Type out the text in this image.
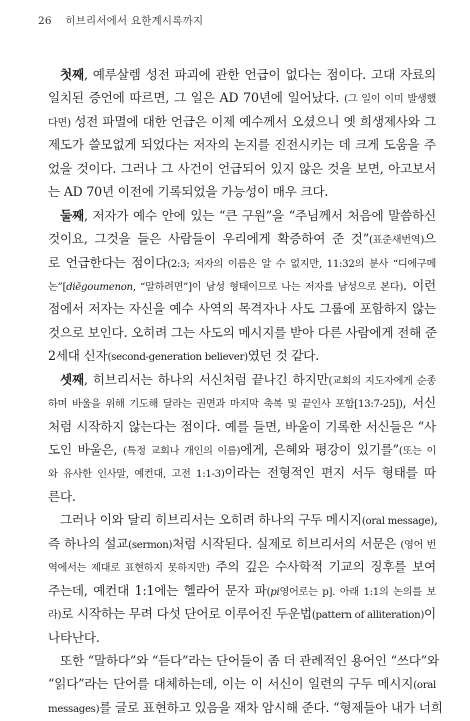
26 히브리서에서 요한계시록까지
첫째, 예루살렘 성전 파괴에 관한 언급이 없다는 점이다. 고대 자료의
일치된 증언에 따르면, 그 일은 AD 70년에 일어났다. (그 일이 이미 발생했
다면) 성전 파멸에 대한 언급은 이제 예수께서 오셨으니 옛 희생제사와 그
제도가 쓸모없게 되었다는 저자의 논지를 진전시키는 데 크게 도움을 주
었을 것이다. 그러나 그 사건이 언급되어 있지 않은 것을 보면, 아고보서
는 AD 70년 이전에 기록되었을 가능성이 매우 크다.
둘째, 저자가 예수 안에 있는 “큰 구원”을 “주님께서 처음에 말씀하신
것이요, 그것을 들은 사람들이 우리에게 확증하여 준 것”(표준새번역)으
로 언급한다는 점이다(2:3; 저자의 이름은 알 수 없지만, 11:32의 분사 “디에구메
논”[diēgoumenon, “말하려면”]이 남성 형태이므로 나는 저자를 남성으로 본다). 이런
점에서 저자는 자신을 예수 사역의 목격자나 사도 그룹에 포함하지 않는
것으로 보인다. 오히려 그는 사도의 메시지를 받아 다른 사람에게 전해 준
2세대 신자(second-generation believer)였던 것 같다.
셋째, 히브리서는 하나의 서신처럼 끝나긴 하지만(교회의 지도자에게 순종
하며 바울을 위해 기도해 달라는 권면과 마지막 축복 및 끝인사 포함[13:7-25]), 서신
처럼 시작하지 않는다는 점이다. 예를 들면, 바울이 기록한 서신들은 “사
도인 바울은, (특정 교회나 개인의 이름)에게, 은혜와 평강이 있기를”(또는 이
와 유사한 인사말, 예컨대, 고전 1:1-3)이라는 전형적인 편지 서두 형태를 따
른다.
그러나 이와 달리 히브리서는 오히려 하나의 구두 메시지(oral message),
즉 하나의 설교(sermon)처럼 시작된다. 실제로 히브리서의 서문은 (영어 번
역에서는 제대로 표현하지 못하지만) 주의 깊은 수사학적 기교의 징후를 보여
주는데, 예컨대 1:1에는 헬라어 문자 파(pi영어로는 p]. 아래 1:1의 논의를 보
라)로 시작하는 무려 다섯 단어로 이루어진 두운법(pattern of alliteration)이
나타난다.
또한 “말하다”와 “듣다”라는 단어들이 좀 더 관례적인 용어인 “쓰다”와
“읽다”라는 단어를 대체하는데, 이는 이 서신이 일련의 구두 메시지(oral
messages)를 글로 표현하고 있음을 재차 암시해 준다. “형제들아 내가 너희
